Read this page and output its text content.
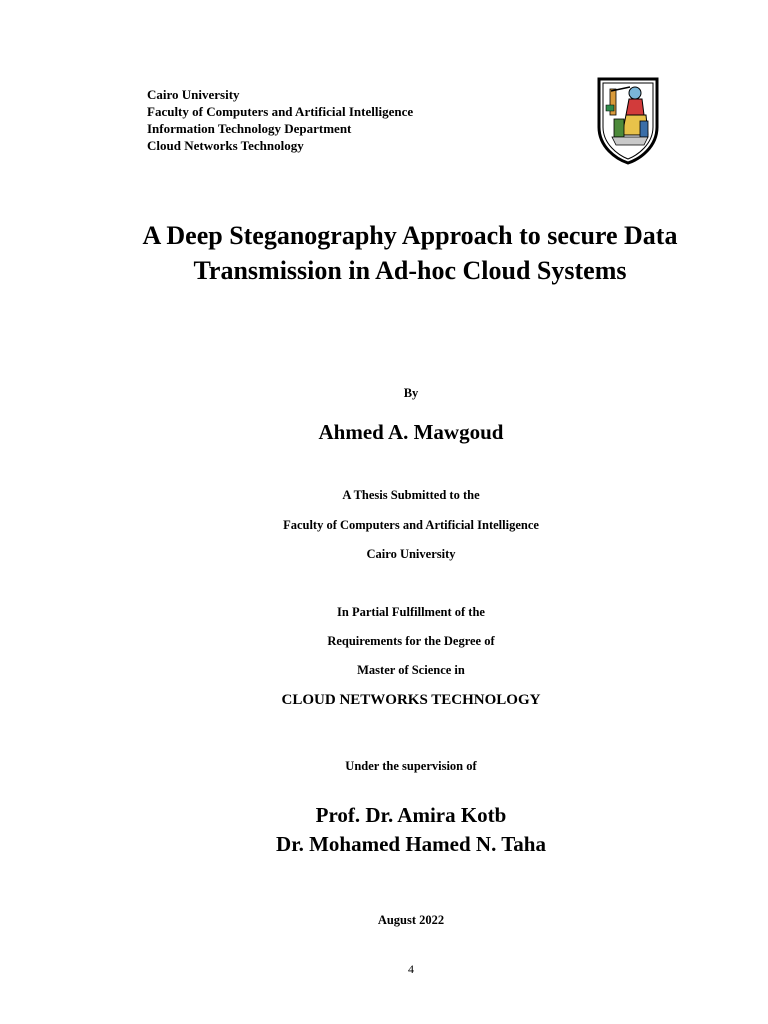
Cairo University
Faculty of Computers and Artificial Intelligence
Information Technology Department
Cloud Networks Technology
A Deep Steganography Approach to secure Data Transmission in Ad-hoc Cloud Systems
By
Ahmed A. Mawgoud
A Thesis Submitted to the
Faculty of Computers and Artificial Intelligence
Cairo University
In Partial Fulfillment of the
Requirements for the Degree of
Master of Science in
CLOUD NETWORKS TECHNOLOGY
Under the supervision of
Prof. Dr. Amira Kotb
Dr. Mohamed Hamed N. Taha
August 2022
4
